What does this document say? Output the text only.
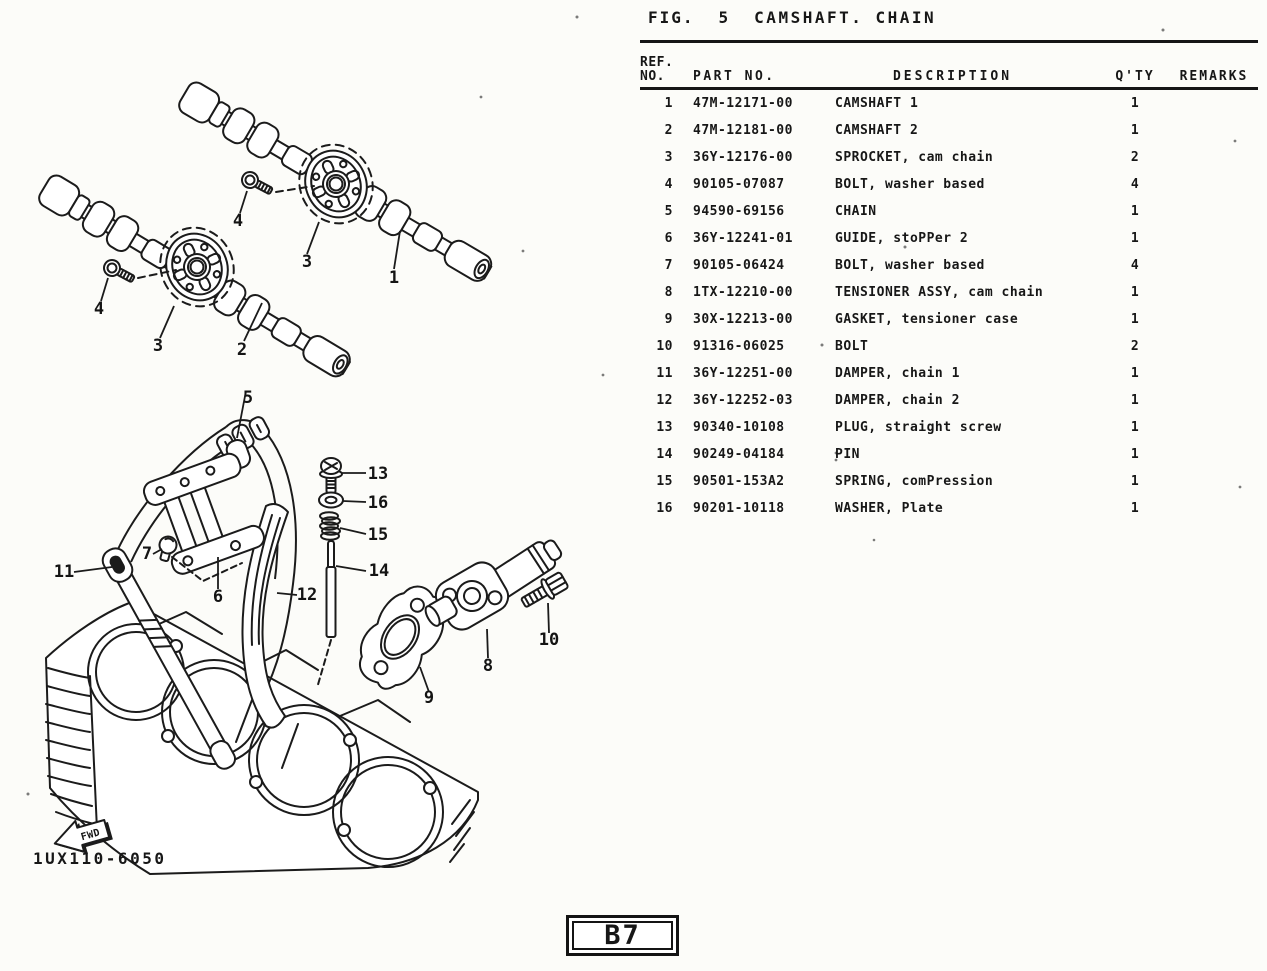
4
3
1
4
3	2
5
13
16
15
14
7
11
6	12
9
8
10
FWD
FIG. 5 CAMSHAFT. CHAIN
REF.
NO.	PART NO.	DESCRIPTION	Q'TY	REMARKS
1	47M-12171-00	CAMSHAFT 1	1
2	47M-12181-00	CAMSHAFT 2	1
3	36Y-12176-00	SPROCKET, cam chain	2
4	90105-07087	BOLT, washer based	4
5	94590-69156	CHAIN	1
6	36Y-12241-01	GUIDE, stoPPer 2	1
7	90105-06424	BOLT, washer based	4
8	1TX-12210-00	TENSIONER ASSY, cam chain	1
9	30X-12213-00	GASKET, tensioner case	1
10	91316-06025	BOLT	2
11	36Y-12251-00	DAMPER, chain 1	1
12	36Y-12252-03	DAMPER, chain 2	1
13	90340-10108	PLUG, straight screw	1
14	90249-04184	PIN	1
15	90501-153A2	SPRING, comPression	1
16	90201-10118	WASHER, Plate	1
1UX110-6050
B7
